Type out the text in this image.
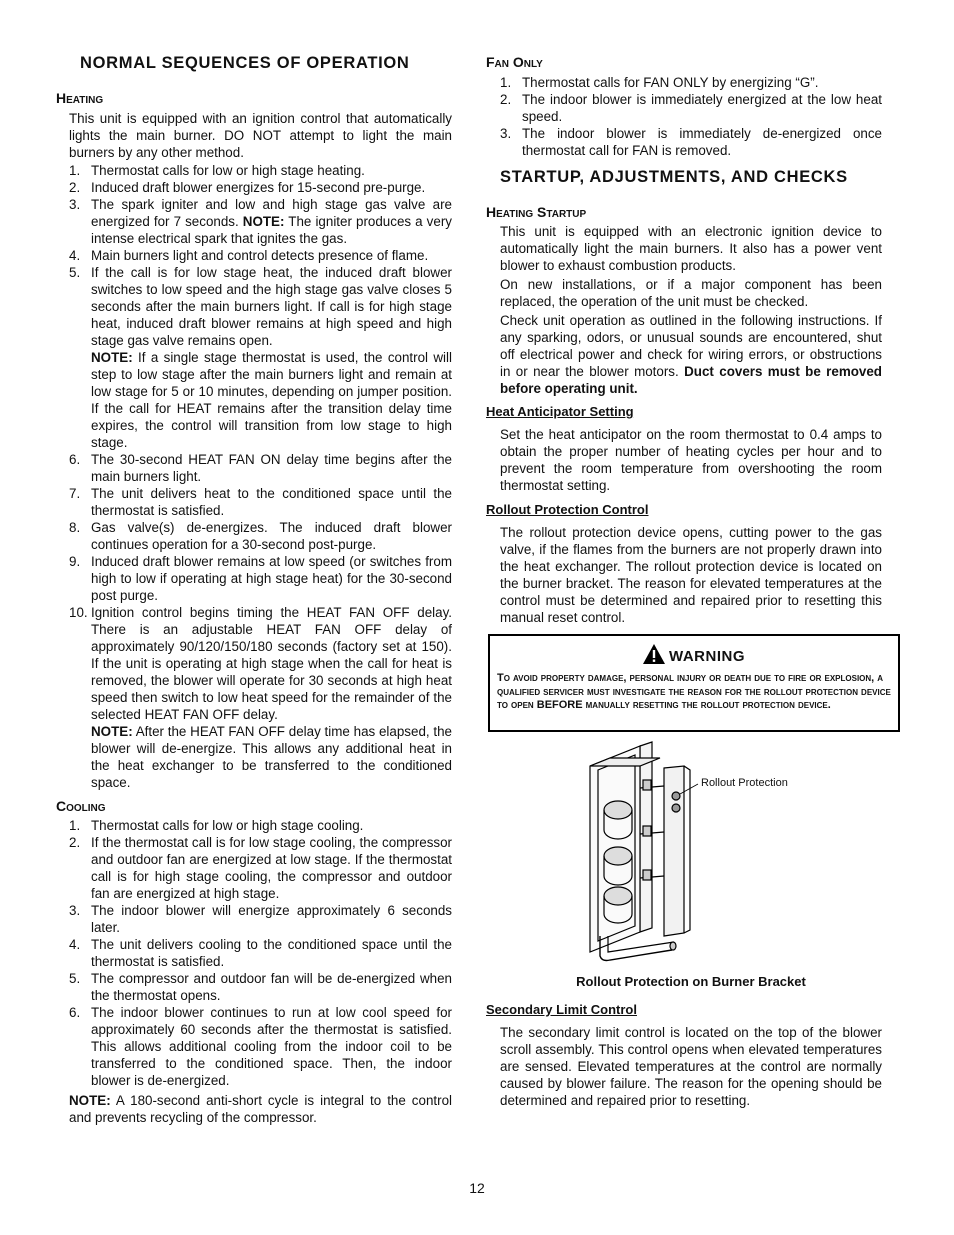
NORMAL SEQUENCES OF OPERATION
Heating

This unit is equipped with an ignition control that automatically lights the main burner. DO NOT attempt to light the main burners by any other method.

1. Thermostat calls for low or high stage heating.
2. Induced draft blower energizes for 15-second pre-purge.
3. The spark igniter and low and high stage gas valve are energized for 7 seconds. NOTE: The igniter produces a very intense electrical spark that ignites the gas.
4. Main burners light and control detects presence of flame.
5. If the call is for low stage heat, the induced draft blower switches to low speed and the high stage gas valve closes 5 seconds after the main burners light. If call is for high stage heat, induced draft blower remains at high speed and high stage gas valve remains open.
NOTE: If a single stage thermostat is used, the control will step to low stage after the main burners light and remain at low stage for 5 or 10 minutes, depending on jumper position. If the call for HEAT remains after the transition delay time expires, the control will transition from low stage to high stage.
6. The 30-second HEAT FAN ON delay time begins after the main burners light.
7. The unit delivers heat to the conditioned space until the thermostat is satisfied.
8. Gas valve(s) de-energizes. The induced draft blower continues operation for a 30-second post-purge.
9. Induced draft blower remains at low speed (or switches from high to low if operating at high stage heat) for the 30-second post purge.
10. Ignition control begins timing the HEAT FAN OFF delay. There is an adjustable HEAT FAN OFF delay of approximately 90/120/150/180 seconds (factory set at 150). If the unit is operating at high stage when the call for heat is removed, the blower will operate for 30 seconds at high heat speed then switch to low heat speed for the remainder of the selected HEAT FAN OFF delay.
NOTE: After the HEAT FAN OFF delay time has elapsed, the blower will de-energize. This allows any additional heat in the heat exchanger to be transferred to the conditioned space.
Cooling
1. Thermostat calls for low or high stage cooling.
2. If the thermostat call is for low stage cooling, the compressor and outdoor fan are energized at low stage. If the thermostat call is for high stage cooling, the compressor and outdoor fan are energized at high stage.
3. The indoor blower will energize approximately 6 seconds later.
4. The unit delivers cooling to the conditioned space until the thermostat is satisfied.
5. The compressor and outdoor fan will be de-energized when the thermostat opens.
6. The indoor blower continues to run at low cool speed for approximately 60 seconds after the thermostat is satisfied. This allows additional cooling from the indoor coil to be transferred to the conditioned space. Then, the indoor blower is de-energized.

NOTE: A 180-second anti-short cycle is integral to the control and prevents recycling of the compressor.

Fan Only
1. Thermostat calls for FAN ONLY by energizing “G”.
2. The indoor blower is immediately energized at the low heat speed.
3. The indoor blower is immediately de-energized once thermostat call for FAN is removed.
STARTUP, ADJUSTMENTS, AND CHECKS
Heating Startup

This unit is equipped with an electronic ignition device to automatically light the main burners. It also has a power vent blower to exhaust combustion products.

On new installations, or if a major component has been replaced, the operation of the unit must be checked.

Check unit operation as outlined in the following instructions. If any sparking, odors, or unusual sounds are encountered, shut off electrical power and check for wiring errors, or obstructions in or near the blower motors. Duct covers must be removed before operating unit.

Heat Anticipator Setting

Set the heat anticipator on the room thermostat to 0.4 amps to obtain the proper number of heating cycles per hour and to prevent the room temperature from overshooting the room thermostat setting.

Rollout Protection Control

The rollout protection device opens, cutting power to the gas valve, if the flames from the burners are not properly drawn into the heat exchanger. The rollout protection device is located on the burner bracket. The reason for elevated temperatures at the control must be determined and repaired prior to resetting this manual reset control.

WARNING
To avoid property damage, personal injury or death due to fire or explosion, a qualified servicer must investigate the reason for the rollout protection device to open BEFORE manually resetting the rollout protection device.
Rollout Protection
Rollout Protection on Burner Bracket
Secondary Limit Control

The secondary limit control is located on the top of the blower scroll assembly. This control opens when elevated temperatures are sensed. Elevated temperatures at the control are normally caused by blower failure. The reason for the opening should be determined and repaired prior to resetting.

12
